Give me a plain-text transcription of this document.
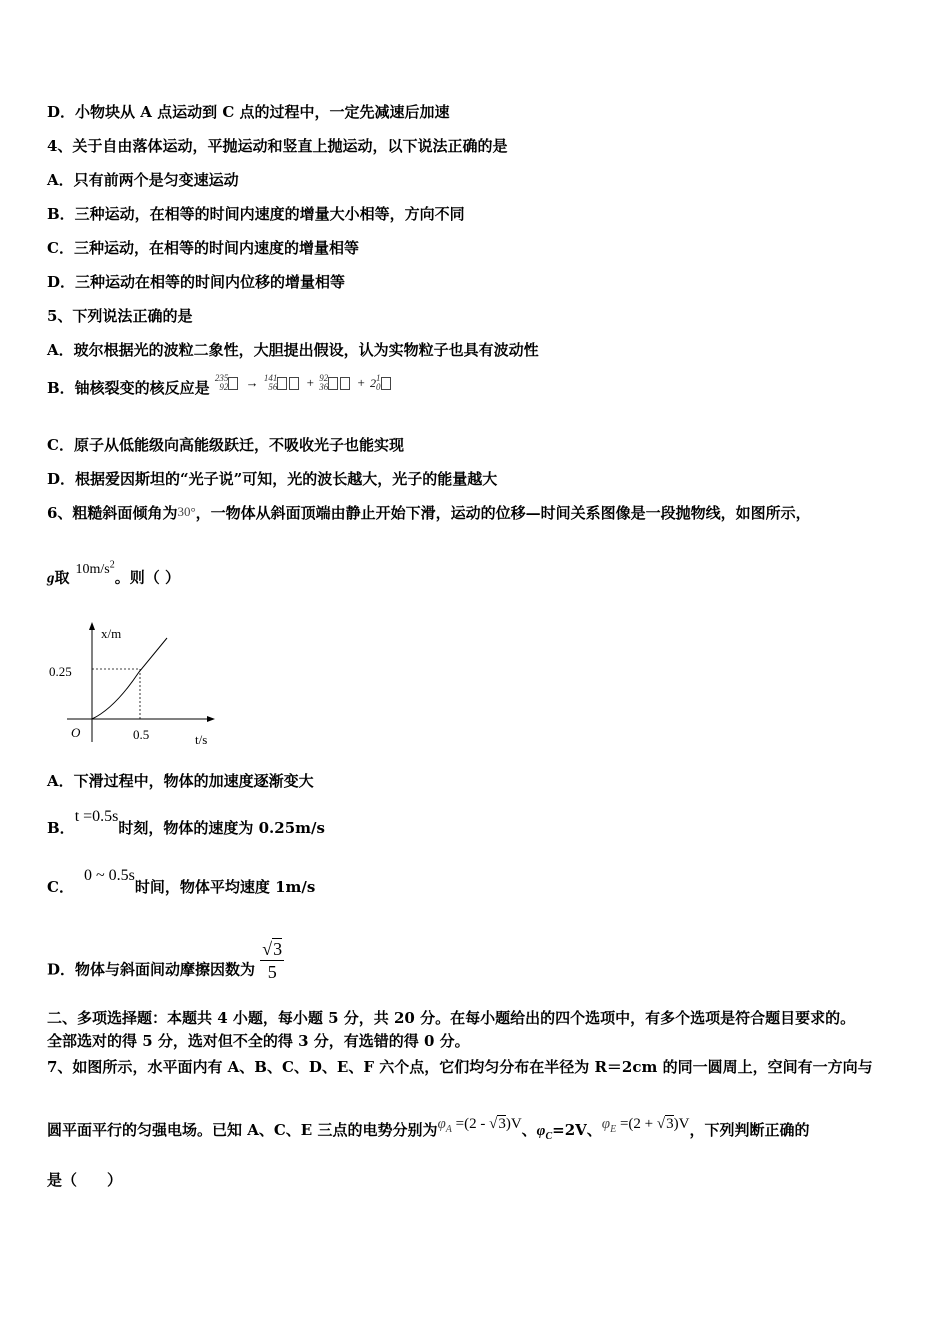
D．小物块从 A 点运动到 C 点的过程中，一定先减速后加速
4、关于自由落体运动，平抛运动和竖直上抛运动，以下说法正确的是
A．只有前两个是匀变速运动
B．三种运动，在相等的时间内速度的增量大小相等，方向不同
C．三种运动，在相等的时间内速度的增量相等
D．三种运动在相等的时间内位移的增量相等
5、下列说法正确的是
A．玻尔根据光的波粒二象性，大胆提出假设，认为实物粒子也具有波动性
B．铀核裂变的核反应是 235
92 → 141
56 + 92
36 + 21
0
C．原子从低能级向高能级跃迁，不吸收光子也能实现
D．根据爱因斯坦的“光子说”可知，光的波长越大，光子的能量越大
6、粗糙斜面倾角为30°，一物体从斜面顶端由静止开始下滑，运动的位移—时间关系图像是一段抛物线，如图所示，
g取 $10m/s^2$。则（ ）
x/m
0.25
O	0.5	t/s
A．下滑过程中，物体的加速度逐渐变大
B．t =0.5s时刻，物体的速度为 0.25m/s
C．0 ~ 0.5s时间，物体平均速度 1m/s
D．物体与斜面间动摩擦因数为 $\frac{√3}{5}$
二、多项选择题：本题共 4 小题，每小题 5 分，共 20 分。在每小题给出的四个选项中，有多个选项是符合题目要求的。
全部选对的得 5 分，选对但不全的得 3 分，有选错的得 0 分。
7、如图所示，水平面内有 A、B、C、D、E、F 六个点，它们均匀分布在半径为 R＝2cm 的同一圆周上，空间有一方向与
圆平面平行的匀强电场。已知 A、C、E 三点的电势分别为$\varphi_A =(2 - √3)V$、$\varphi_C=2V$、$\varphi_E =(2 + √3)V$，下列判断正确的
是（　　）
